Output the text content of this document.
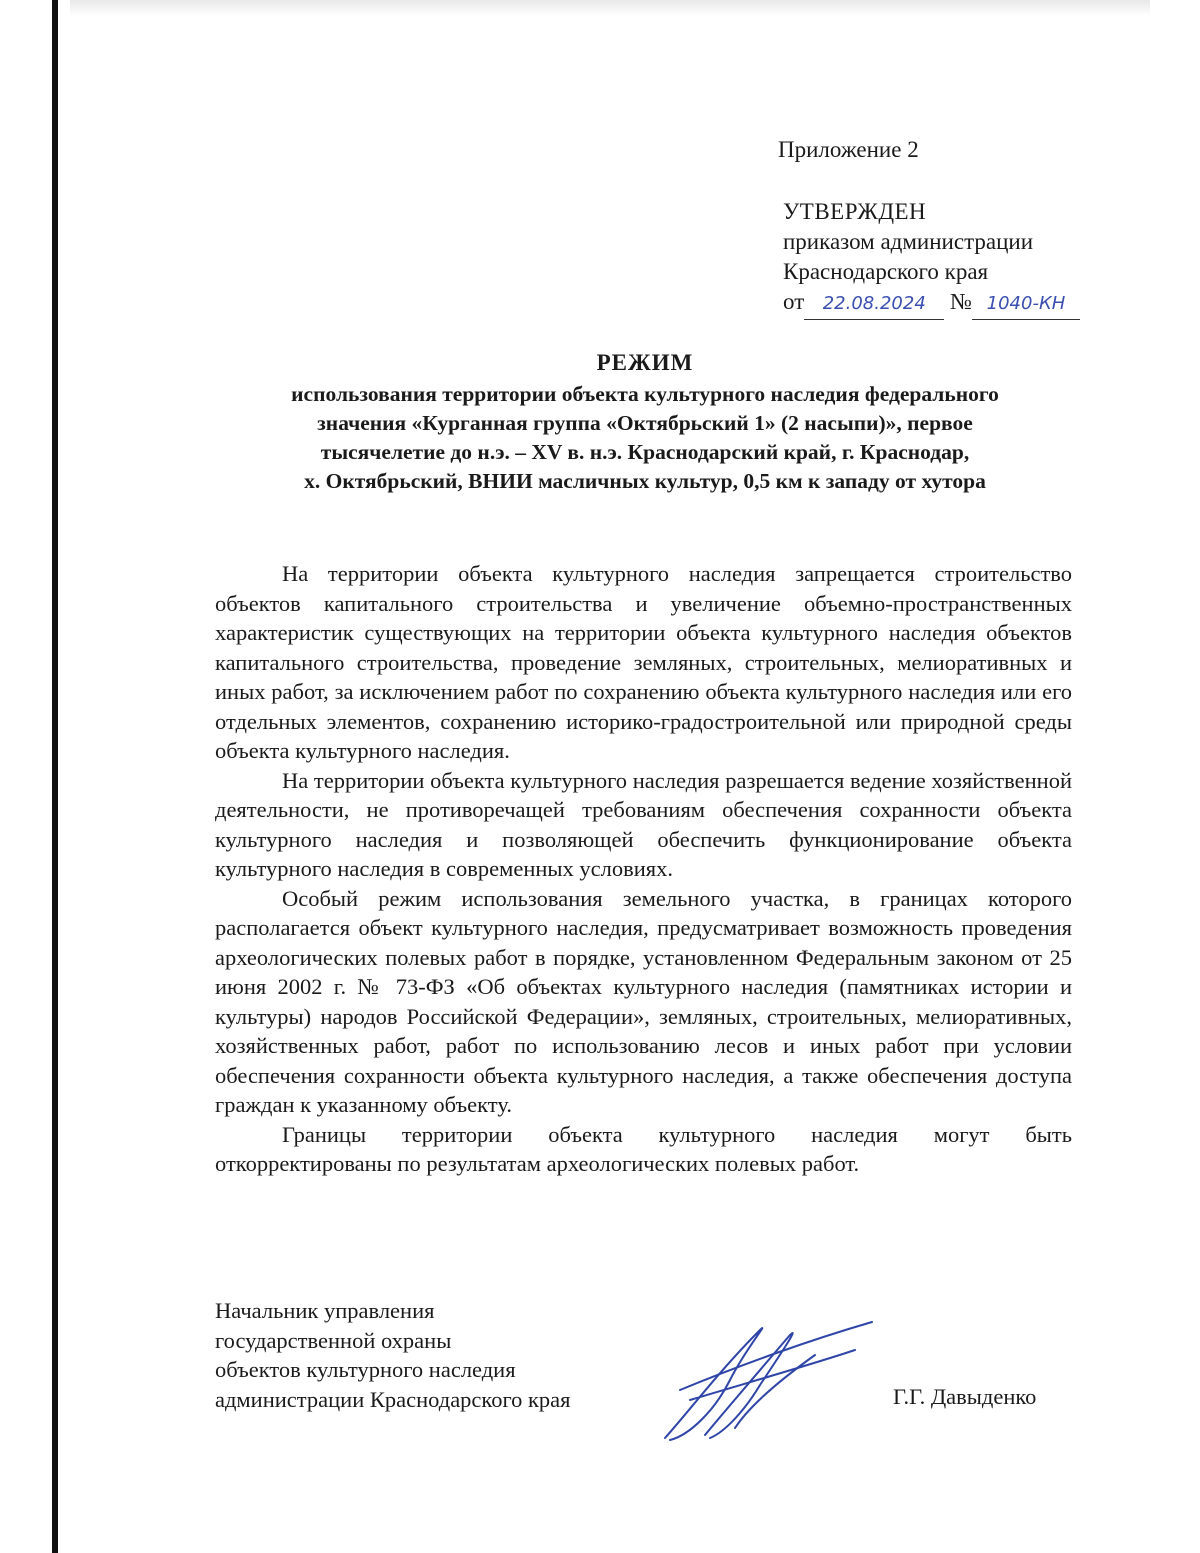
Приложение 2
УТВЕРЖДЕН
приказом администрации
Краснодарского края
от 22.08.2024 № 1040-КН
РЕЖИМ
использования территории объекта культурного наследия федерального
значения «Курганная группа «Октябрьский 1» (2 насыпи)», первое
тысячелетие до н.э. – XV в. н.э. Краснодарский край, г. Краснодар,
х. Октябрьский, ВНИИ масличных культур, 0,5 км к западу от хутора

На территории объекта культурного наследия запрещается строительство объектов капитального строительства и увеличение объемно-пространственных характеристик существующих на территории объекта культурного наследия объектов капитального строительства, проведение земляных, строительных, мелиоративных и иных работ, за исключением работ по сохранению объекта культурного наследия или его отдельных элементов, сохранению историко-градостроительной или природной среды объекта культурного наследия.

На территории объекта культурного наследия разрешается ведение хозяйственной деятельности, не противоречащей требованиям обеспечения сохранности объекта культурного наследия и позволяющей обеспечить функционирование объекта культурного наследия в современных условиях.

Особый режим использования земельного участка, в границах которого располагается объект культурного наследия, предусматривает возможность проведения археологических полевых работ в порядке, установленном Федеральным законом от 25 июня 2002 г. № 73-ФЗ «Об объектах культурного наследия (памятниках истории и культуры) народов Российской Федерации», земляных, строительных, мелиоративных, хозяйственных работ, работ по использованию лесов и иных работ при условии обеспечения сохранности объекта культурного наследия, а также обеспечения доступа граждан к указанному объекту.

Границы территории объекта культурного наследия могут быть откорректированы по результатам археологических полевых работ.

Начальник управления
государственной охраны
объектов культурного наследия
администрации Краснодарского края	Г.Г. Давыденко
